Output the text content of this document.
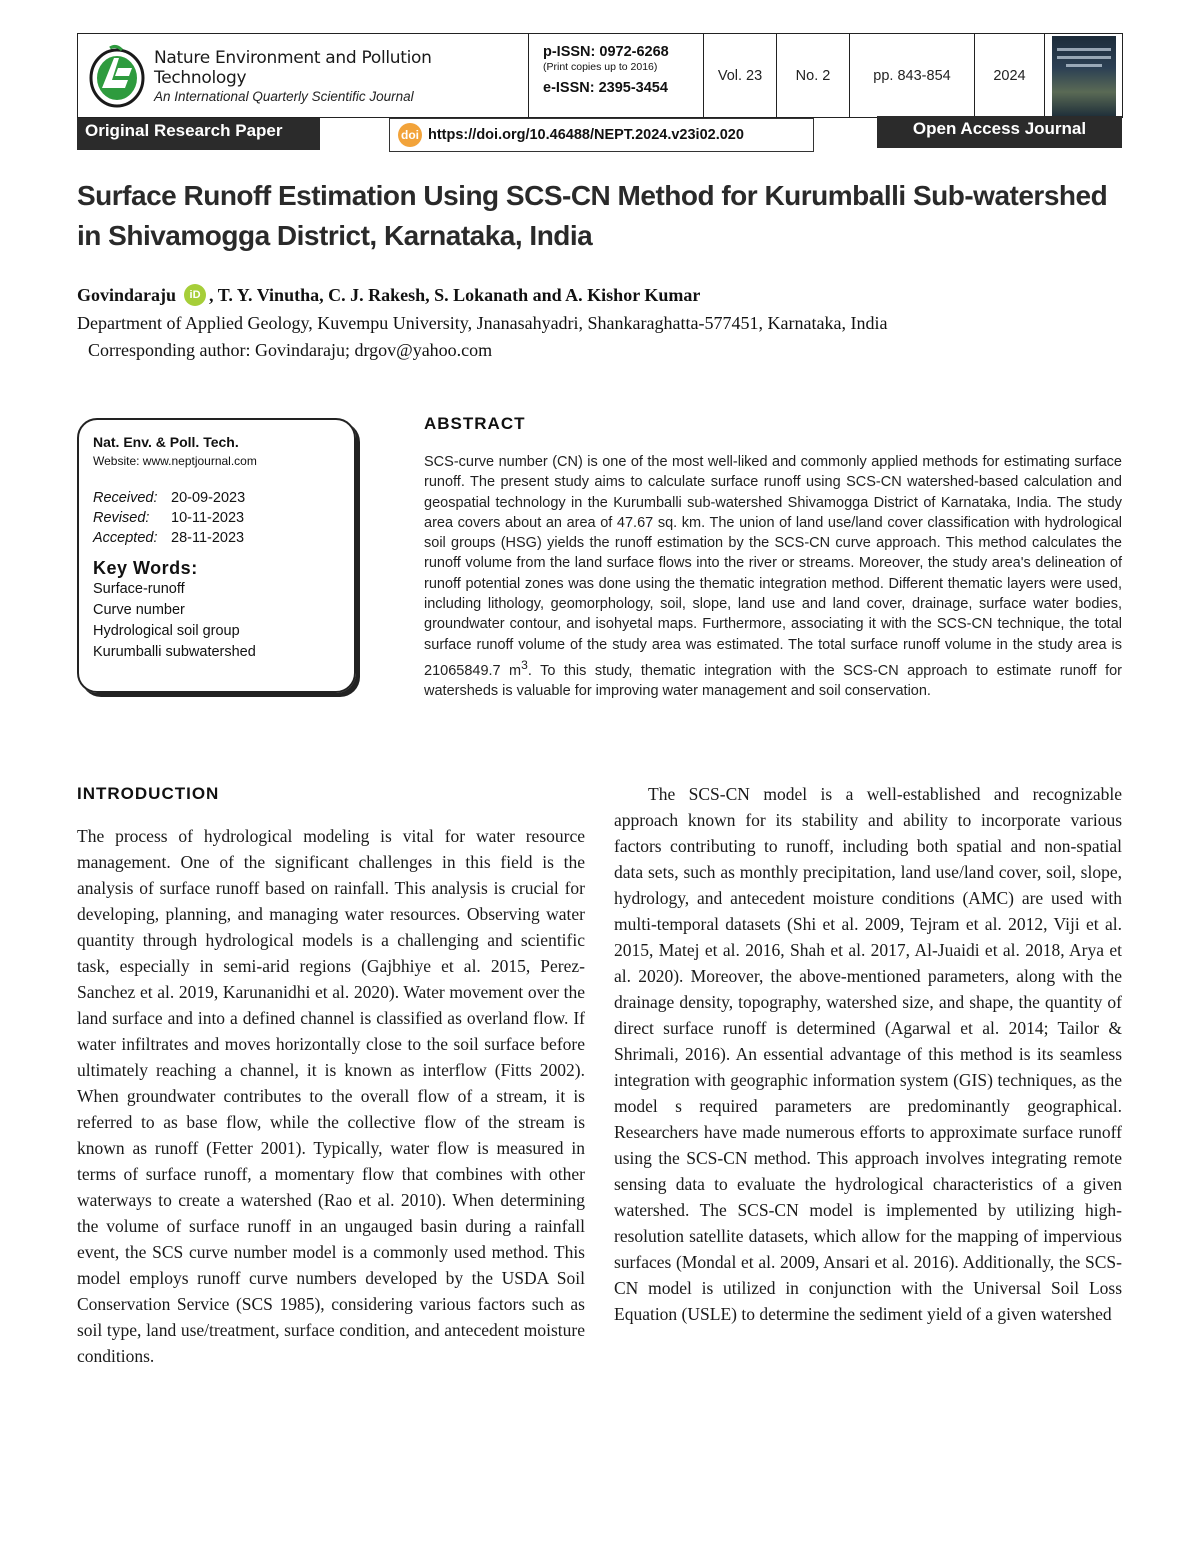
Nature Environment and Pollution Technology
An International Quarterly Scientific Journal
p-ISSN: 0972-6268
(Print copies up to 2016)
e-ISSN: 2395-3454
Vol. 23	No. 2	pp. 843-854	2024
Original Research Paper	doi https://doi.org/10.46488/NEPT.2024.v23i02.020	Open Access Journal
Surface Runoff Estimation Using SCS-CN Method for Kurumballi Sub-watershed in Shivamogga District, Karnataka, India
Govindaraju	iD , T. Y. Vinutha, C. J. Rakesh, S. Lokanath and A. Kishor Kumar
Department of Applied Geology, Kuvempu University, Jnanasahyadri, Shankaraghatta-577451, Karnataka, India
Corresponding author: Govindaraju; drgov@yahoo.com
Nat. Env. & Poll. Tech.
Website: www.neptjournal.com
Received: 20-09-2023
Revised: 10-11-2023
Accepted: 28-11-2023
Key Words:
Surface-runoff
Curve number
Hydrological soil group
Kurumballi subwatershed
ABSTRACT
SCS-curve number (CN) is one of the most well-liked and commonly applied methods for estimating surface runoff. The present study aims to calculate surface runoff using SCS-CN watershed-based calculation and geospatial technology in the Kurumballi sub-watershed Shivamogga District of Karnataka, India. The study area covers about an area of 47.67 sq. km. The union of land use/land cover classification with hydrological soil groups (HSG) yields the runoff estimation by the SCS-CN curve approach. This method calculates the runoff volume from the land surface flows into the river or streams. Moreover, the study area's delineation of runoff potential zones was done using the thematic integration method. Different thematic layers were used, including lithology, geomorphology, soil, slope, land use and land cover, drainage, surface water bodies, groundwater contour, and isohyetal maps. Furthermore, associating it with the SCS-CN technique, the total surface runoff volume of the study area was estimated. The total surface runoff volume in the study area is 21065849.7 $m^3$. To this study, thematic integration with the SCS-CN approach to estimate runoff for watersheds is valuable for improving water management and soil conservation.
INTRODUCTION
The process of hydrological modeling is vital for water resource management. One of the significant challenges in this field is the analysis of surface runoff based on rainfall. This analysis is crucial for developing, planning, and managing water resources. Observing water quantity through hydrological models is a challenging and scientific task, especially in semi-arid regions (Gajbhiye et al. 2015, Perez-Sanchez et al. 2019, Karunanidhi et al. 2020). Water movement over the land surface and into a defined channel is classified as overland flow. If water infiltrates and moves horizontally close to the soil surface before ultimately reaching a channel, it is known as interflow (Fitts 2002). When groundwater contributes to the overall flow of a stream, it is referred to as base flow, while the collective flow of the stream is known as runoff (Fetter 2001). Typically, water flow is measured in terms of surface runoff, a momentary flow that combines with other waterways to create a watershed (Rao et al. 2010). When determining the volume of surface runoff in an ungauged basin during a rainfall event, the SCS curve number model is a commonly used method. This model employs runoff curve numbers developed by the USDA Soil Conservation Service (SCS 1985), considering various factors such as soil type, land use/treatment, surface condition, and antecedent moisture conditions.
The SCS-CN model is a well-established and recognizable approach known for its stability and ability to incorporate various factors contributing to runoff, including both spatial and non-spatial data sets, such as monthly precipitation, land use/land cover, soil, slope, hydrology, and antecedent moisture conditions (AMC) are used with multi-temporal datasets (Shi et al. 2009, Tejram et al. 2012, Viji et al. 2015, Matej et al. 2016, Shah et al. 2017, Al-Juaidi et al. 2018, Arya et al. 2020). Moreover, the above-mentioned parameters, along with the drainage density, topography, watershed size, and shape, the quantity of direct surface runoff is determined (Agarwal et al. 2014; Tailor & Shrimali, 2016). An essential advantage of this method is its seamless integration with geographic information system (GIS) techniques, as the model s required parameters are predominantly geographical. Researchers have made numerous efforts to approximate surface runoff using the SCS-CN method. This approach involves integrating remote sensing data to evaluate the hydrological characteristics of a given watershed. The SCS-CN model is implemented by utilizing high-resolution satellite datasets, which allow for the mapping of impervious surfaces (Mondal et al. 2009, Ansari et al. 2016). Additionally, the SCS-CN model is utilized in conjunction with the Universal Soil Loss Equation (USLE) to determine the sediment yield of a given watershed
